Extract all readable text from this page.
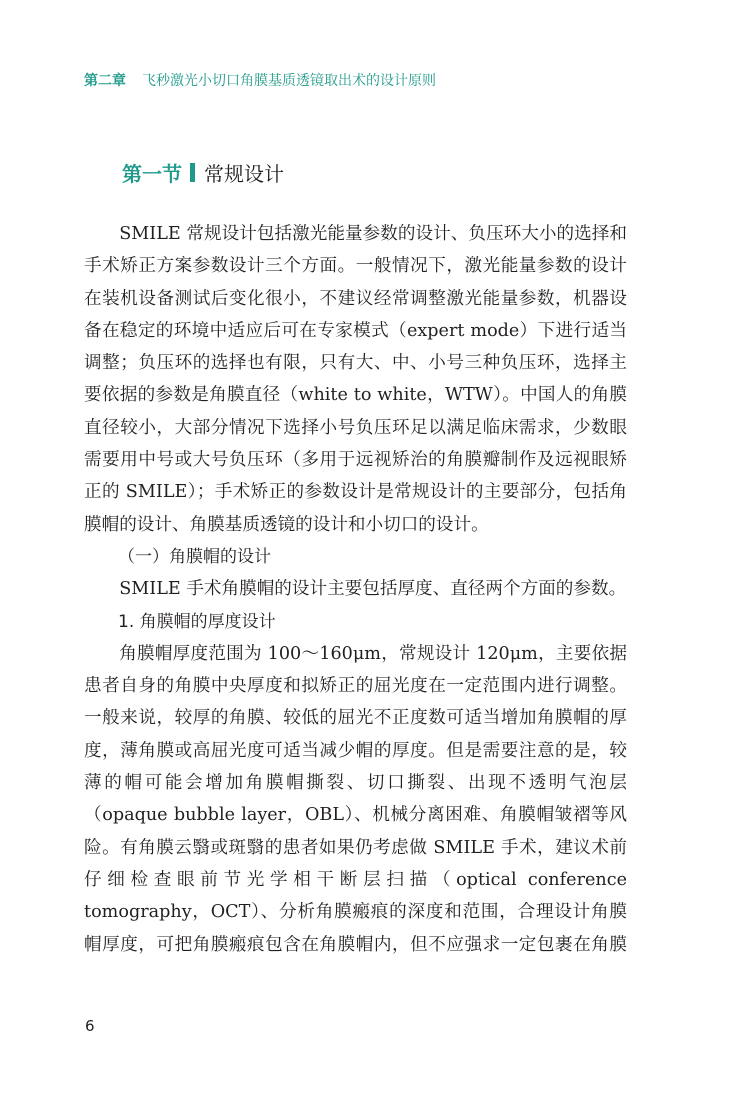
第二章 飞秒激光小切口角膜基质透镜取出术的设计原则
第一节 常规设计

SMILE 常规设计包括激光能量参数的设计、负压环大小的选择和手术矫正方案参数设计三个方面。一般情况下，激光能量参数的设计在装机设备测试后变化很小，不建议经常调整激光能量参数，机器设备在稳定的环境中适应后可在专家模式（expert mode）下进行适当调整；负压环的选择也有限，只有大、中、小号三种负压环，选择主要依据的参数是角膜直径（white to white，WTW）。中国人的角膜直径较小，大部分情况下选择小号负压环足以满足临床需求，少数眼需要用中号或大号负压环（多用于远视矫治的角膜瓣制作及远视眼矫正的 SMILE）；手术矫正的参数设计是常规设计的主要部分，包括角膜帽的设计、角膜基质透镜的设计和小切口的设计。

（一）角膜帽的设计

SMILE 手术角膜帽的设计主要包括厚度、直径两个方面的参数。

1. 角膜帽的厚度设计

角膜帽厚度范围为 100～160μm，常规设计 120μm，主要依据患者自身的角膜中央厚度和拟矫正的屈光度在一定范围内进行调整。一般来说，较厚的角膜、较低的屈光不正度数可适当增加角膜帽的厚度，薄角膜或高屈光度可适当减少帽的厚度。但是需要注意的是，较薄的帽可能会增加角膜帽撕裂、切口撕裂、出现不透明气泡层（opaque bubble layer，OBL）、机械分离困难、角膜帽皱褶等风险。有角膜云翳或斑翳的患者如果仍考虑做 SMILE 手术，建议术前仔细检查眼前节光学相干断层扫描（optical conference tomography，OCT）、分析角膜瘢痕的深度和范围，合理设计角膜帽厚度，可把角膜瘢痕包含在角膜帽内，但不应强求一定包裹在角膜

6
